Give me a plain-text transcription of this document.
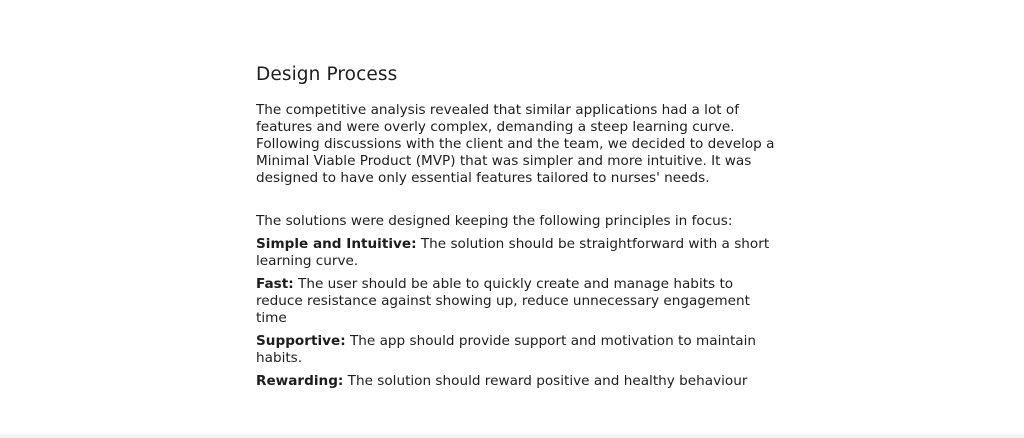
Design Process

The competitive analysis revealed that similar applications had a lot of features and were overly complex, demanding a steep learning curve. Following discussions with the client and the team, we decided to develop a Minimal Viable Product (MVP) that was simpler and more intuitive. It was designed to have only essential features tailored to nurses' needs.

The solutions were designed keeping the following principles in focus:

Simple and Intuitive: The solution should be straightforward with a short learning curve.

Fast: The user should be able to quickly create and manage habits to reduce resistance against showing up, reduce unnecessary engagement time

Supportive: The app should provide support and motivation to maintain habits.

Rewarding: The solution should reward positive and healthy behaviour
